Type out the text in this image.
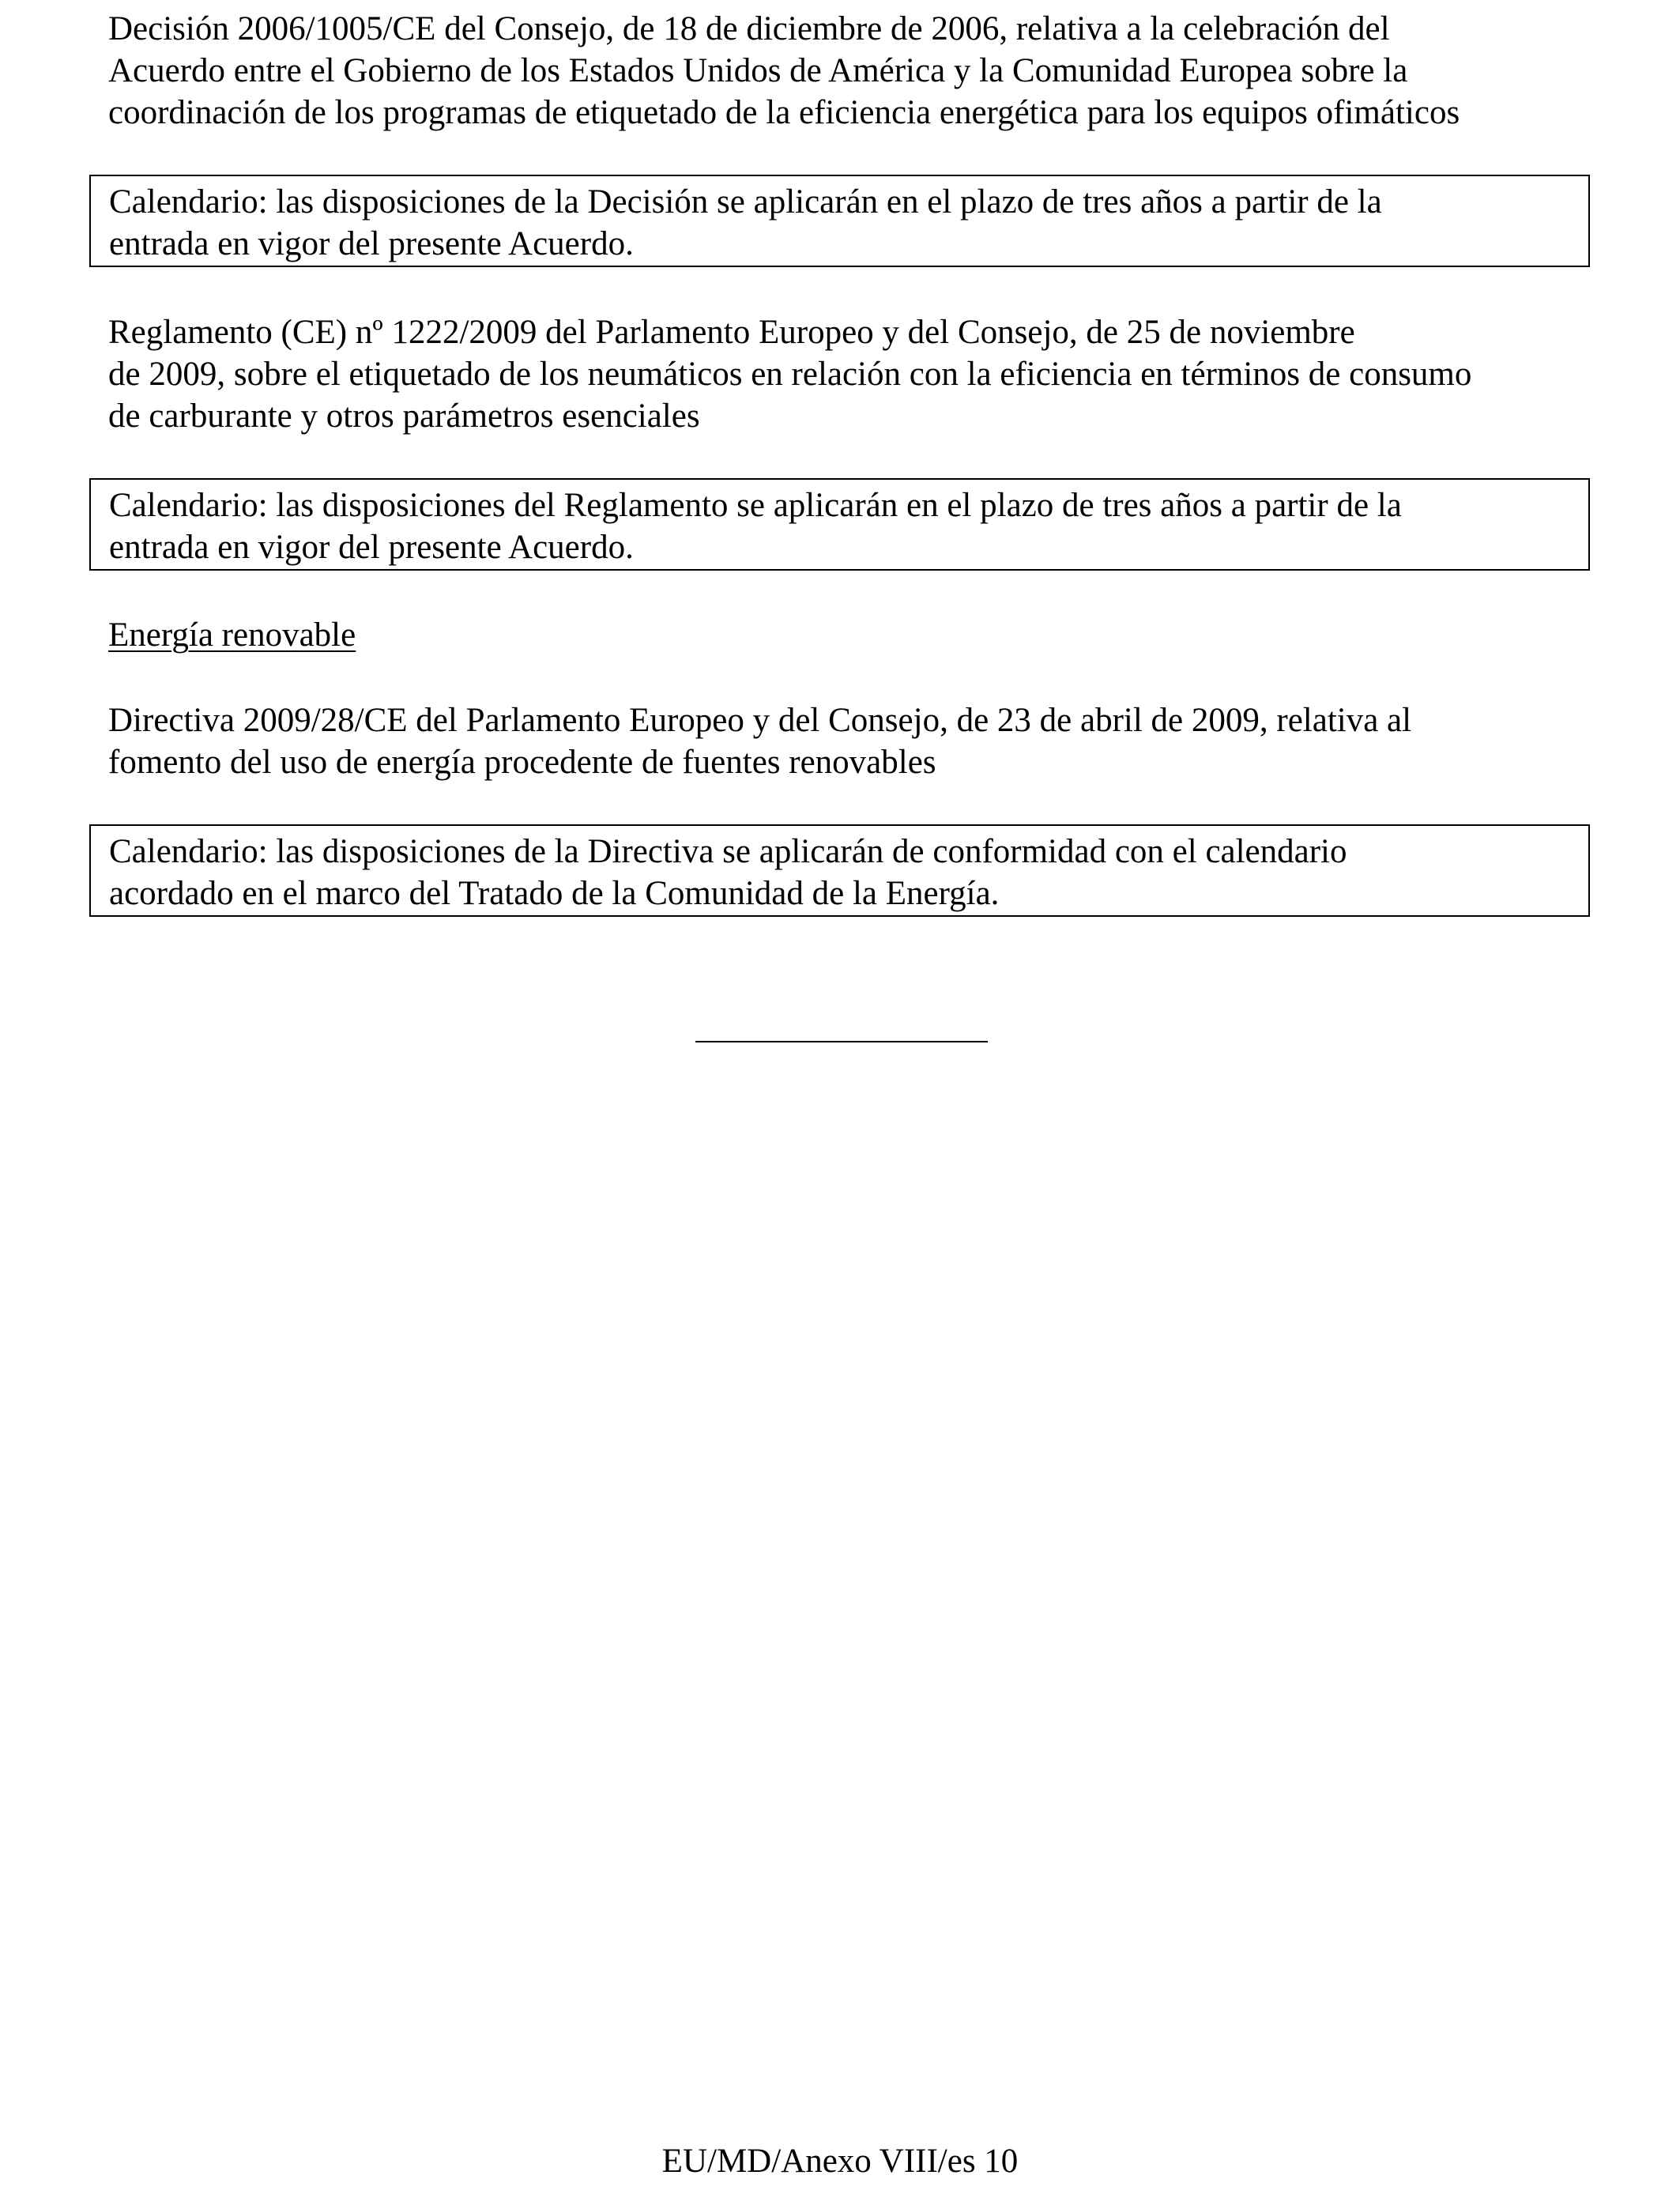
Decisión 2006/1005/CE del Consejo, de 18 de diciembre de 2006, relativa a la celebración del
Acuerdo entre el Gobierno de los Estados Unidos de América y la Comunidad Europea sobre la
coordinación de los programas de etiquetado de la eficiencia energética para los equipos ofimáticos

Calendario: las disposiciones de la Decisión se aplicarán en el plazo de tres años a partir de la
entrada en vigor del presente Acuerdo.

Reglamento (CE) nº 1222/2009 del Parlamento Europeo y del Consejo, de 25 de noviembre
de 2009, sobre el etiquetado de los neumáticos en relación con la eficiencia en términos de consumo
de carburante y otros parámetros esenciales

Calendario: las disposiciones del Reglamento se aplicarán en el plazo de tres años a partir de la
entrada en vigor del presente Acuerdo.
Energía renovable

Directiva 2009/28/CE del Parlamento Europeo y del Consejo, de 23 de abril de 2009, relativa al
fomento del uso de energía procedente de fuentes renovables

Calendario: las disposiciones de la Directiva se aplicarán de conformidad con el calendario
acordado en el marco del Tratado de la Comunidad de la Energía.
EU/MD/Anexo VIII/es 10
